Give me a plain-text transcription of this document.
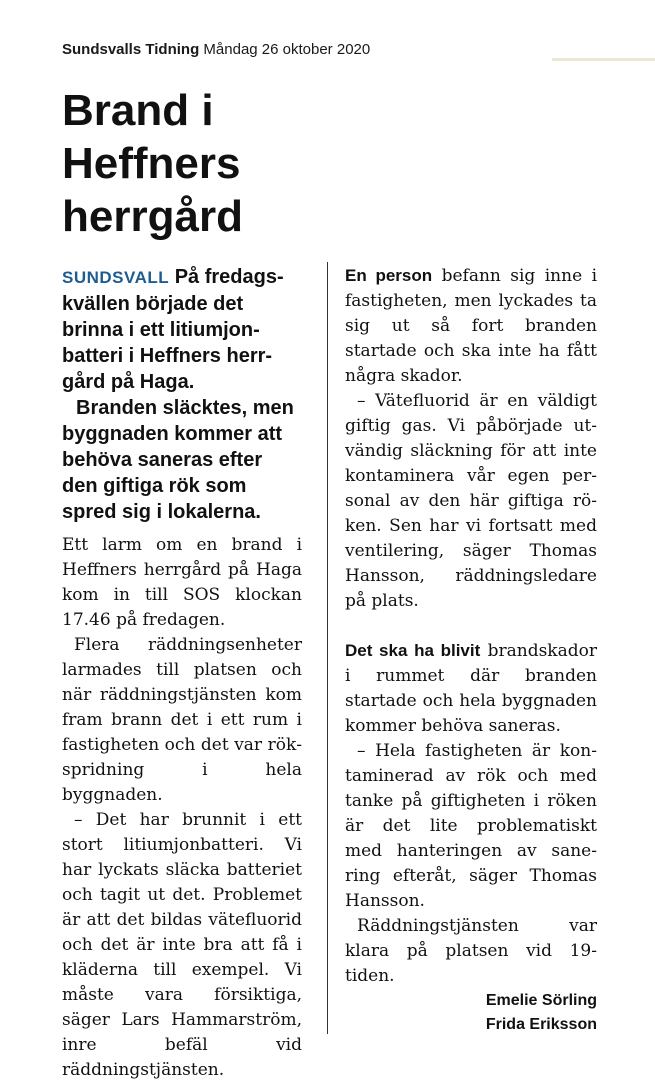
Sundsvalls Tidning Måndag 26 oktober 2020
Brand i Heffners herrgård

SUNDSVALL På fredagskvällen började det brinna i ett litiumjonbatteri i Heffners herrgård på Haga.

Branden släcktes, men byggnaden kommer att behöva saneras efter den giftiga rök som spred sig i lokalerna.

Ett larm om en brand i Heffners herrgård på Haga kom in till SOS klockan 17.46 på fredagen.

Flera räddningsenheter larmades till platsen och när räddningstjänsten kom fram brann det i ett rum i fastigheten och det var rökspridning i hela byggnaden.

– Det har brunnit i ett stort litiumjonbatteri. Vi har lyckats släcka batteriet och tagit ut det. Problemet är att det bildas vätefluorid och det är inte bra att få i kläderna till exempel. Vi måste vara försiktiga, säger Lars Hammarström, inre befäl vid räddningstjänsten.

En person befann sig inne i fastigheten, men lyckades ta sig ut så fort branden startade och ska inte ha fått några skador.

– Vätefluorid är en väldigt giftig gas. Vi påbörjade utvändig släckning för att inte kontaminera vår egen personal av den här giftiga röken. Sen har vi fortsatt med ventilering, säger Thomas Hansson, räddningsledare på plats.

Det ska ha blivit brandskador i rummet där branden startade och hela byggnaden kommer behöva saneras.

– Hela fastigheten är kontaminerad av rök och med tanke på giftigheten i röken är det lite problematiskt med hanteringen av sanering efteråt, säger Thomas Hansson.

Räddningstjänsten var klara på platsen vid 19-tiden.

Emelie Sörling
Frida Eriksson
